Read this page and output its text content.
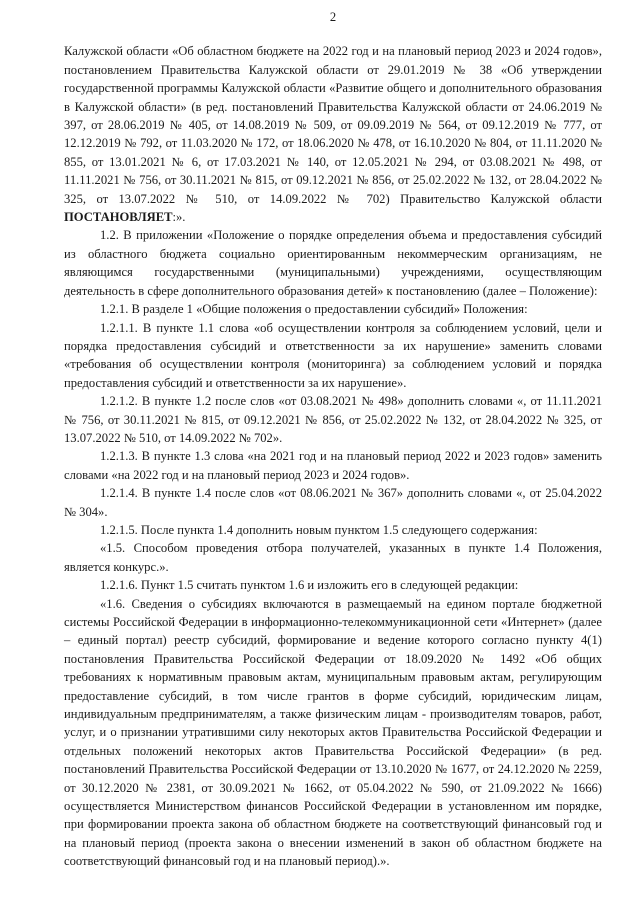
2

Калужской области «Об областном бюджете на 2022 год и на плановый период 2023 и 2024 годов», постановлением Правительства Калужской области от 29.01.2019 № 38 «Об утверждении государственной программы Калужской области «Развитие общего и дополнительного образования в Калужской области» (в ред. постановлений Правительства Калужской области от 24.06.2019 № 397, от 28.06.2019 № 405, от 14.08.2019 № 509, от 09.09.2019 № 564, от 09.12.2019 № 777, от 12.12.2019 № 792, от 11.03.2020 № 172, от 18.06.2020 № 478, от 16.10.2020 № 804, от 11.11.2020 № 855, от 13.01.2021 № 6, от 17.03.2021 № 140, от 12.05.2021 № 294, от 03.08.2021 № 498, от 11.11.2021 № 756, от 30.11.2021 № 815, от 09.12.2021 № 856, от 25.02.2022 № 132, от 28.04.2022 № 325, от 13.07.2022 № 510, от 14.09.2022 № 702) Правительство Калужской области ПОСТАНОВЛЯЕТ:».

1.2. В приложении «Положение о порядке определения объема и предоставления субсидий из областного бюджета социально ориентированным некоммерческим организациям, не являющимся государственными (муниципальными) учреждениями, осуществляющим деятельность в сфере дополнительного образования детей» к постановлению (далее – Положение):

1.2.1. В разделе 1 «Общие положения о предоставлении субсидий» Положения:

1.2.1.1. В пункте 1.1 слова «об осуществлении контроля за соблюдением условий, цели и порядка предоставления субсидий и ответственности за их нарушение» заменить словами «требования об осуществлении контроля (мониторинга) за соблюдением условий и порядка предоставления субсидий и ответственности за их нарушение».

1.2.1.2. В пункте 1.2 после слов «от 03.08.2021 № 498» дополнить словами «, от 11.11.2021 № 756, от 30.11.2021 № 815, от 09.12.2021 № 856, от 25.02.2022 № 132, от 28.04.2022 № 325, от 13.07.2022 № 510, от 14.09.2022 № 702».

1.2.1.3. В пункте 1.3 слова «на 2021 год и на плановый период 2022 и 2023 годов» заменить словами «на 2022 год и на плановый период 2023 и 2024 годов».

1.2.1.4. В пункте 1.4 после слов «от 08.06.2021 № 367» дополнить словами «, от 25.04.2022 № 304».

1.2.1.5. После пункта 1.4 дополнить новым пунктом 1.5 следующего содержания:

«1.5. Способом проведения отбора получателей, указанных в пункте 1.4 Положения, является конкурс.».

1.2.1.6. Пункт 1.5 считать пунктом 1.6 и изложить его в следующей редакции:

«1.6. Сведения о субсидиях включаются в размещаемый на едином портале бюджетной системы Российской Федерации в информационно-телекоммуникационной сети «Интернет» (далее – единый портал) реестр субсидий, формирование и ведение которого согласно пункту 4(1) постановления Правительства Российской Федерации от 18.09.2020 № 1492 «Об общих требованиях к нормативным правовым актам, муниципальным правовым актам, регулирующим предоставление субсидий, в том числе грантов в форме субсидий, юридическим лицам, индивидуальным предпринимателям, а также физическим лицам - производителям товаров, работ, услуг, и о признании утратившими силу некоторых актов Правительства Российской Федерации и отдельных положений некоторых актов Правительства Российской Федерации» (в ред. постановлений Правительства Российской Федерации от 13.10.2020 № 1677, от 24.12.2020 № 2259, от 30.12.2020 № 2381, от 30.09.2021 № 1662, от 05.04.2022 № 590, от 21.09.2022 № 1666) осуществляется Министерством финансов Российской Федерации в установленном им порядке, при формировании проекта закона об областном бюджете на соответствующий финансовый год и на плановый период (проекта закона о внесении изменений в закон об областном бюджете на соответствующий финансовый год и на плановый период).».
